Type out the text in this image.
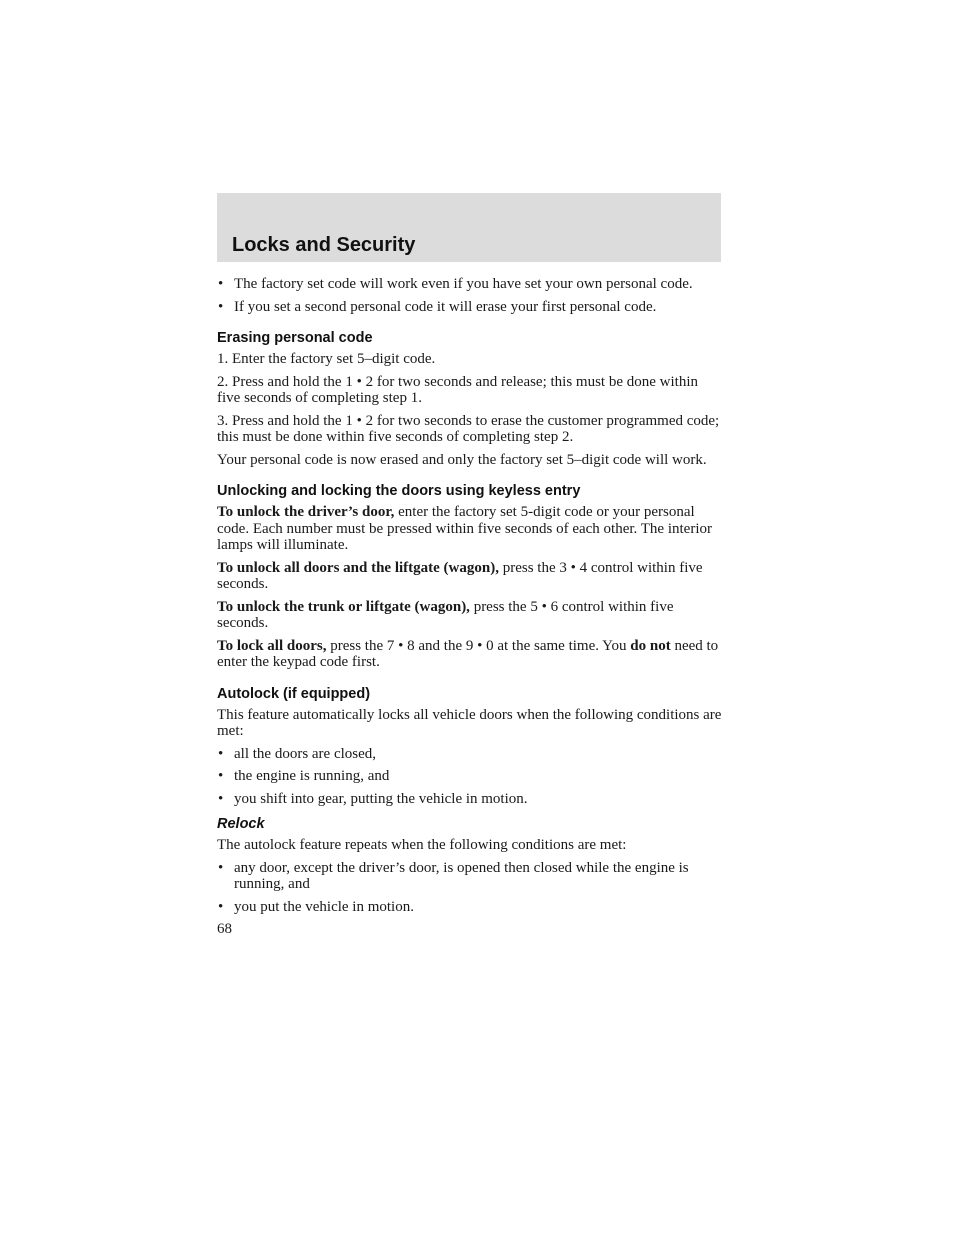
Locks and Security
• The factory set code will work even if you have set your own personal code.
• If you set a second personal code it will erase your first personal code.
Erasing personal code

1. Enter the factory set 5–digit code.

2. Press and hold the 1 • 2 for two seconds and release; this must be done within five seconds of completing step 1.

3. Press and hold the 1 • 2 for two seconds to erase the customer programmed code; this must be done within five seconds of completing step 2.

Your personal code is now erased and only the factory set 5–digit code will work.

Unlocking and locking the doors using keyless entry

To unlock the driver’s door, enter the factory set 5-digit code or your personal code. Each number must be pressed within five seconds of each other. The interior lamps will illuminate.

To unlock all doors and the liftgate (wagon), press the 3 • 4 control within five seconds.

To unlock the trunk or liftgate (wagon), press the 5 • 6 control within five seconds.

To lock all doors, press the 7 • 8 and the 9 • 0 at the same time. You do not need to enter the keypad code first.

Autolock (if equipped)

This feature automatically locks all vehicle doors when the following conditions are met:

• all the doors are closed,
• the engine is running, and
• you shift into gear, putting the vehicle in motion.
Relock

The autolock feature repeats when the following conditions are met:

• any door, except the driver’s door, is opened then closed while the engine is running, and
• you put the vehicle in motion.
68
